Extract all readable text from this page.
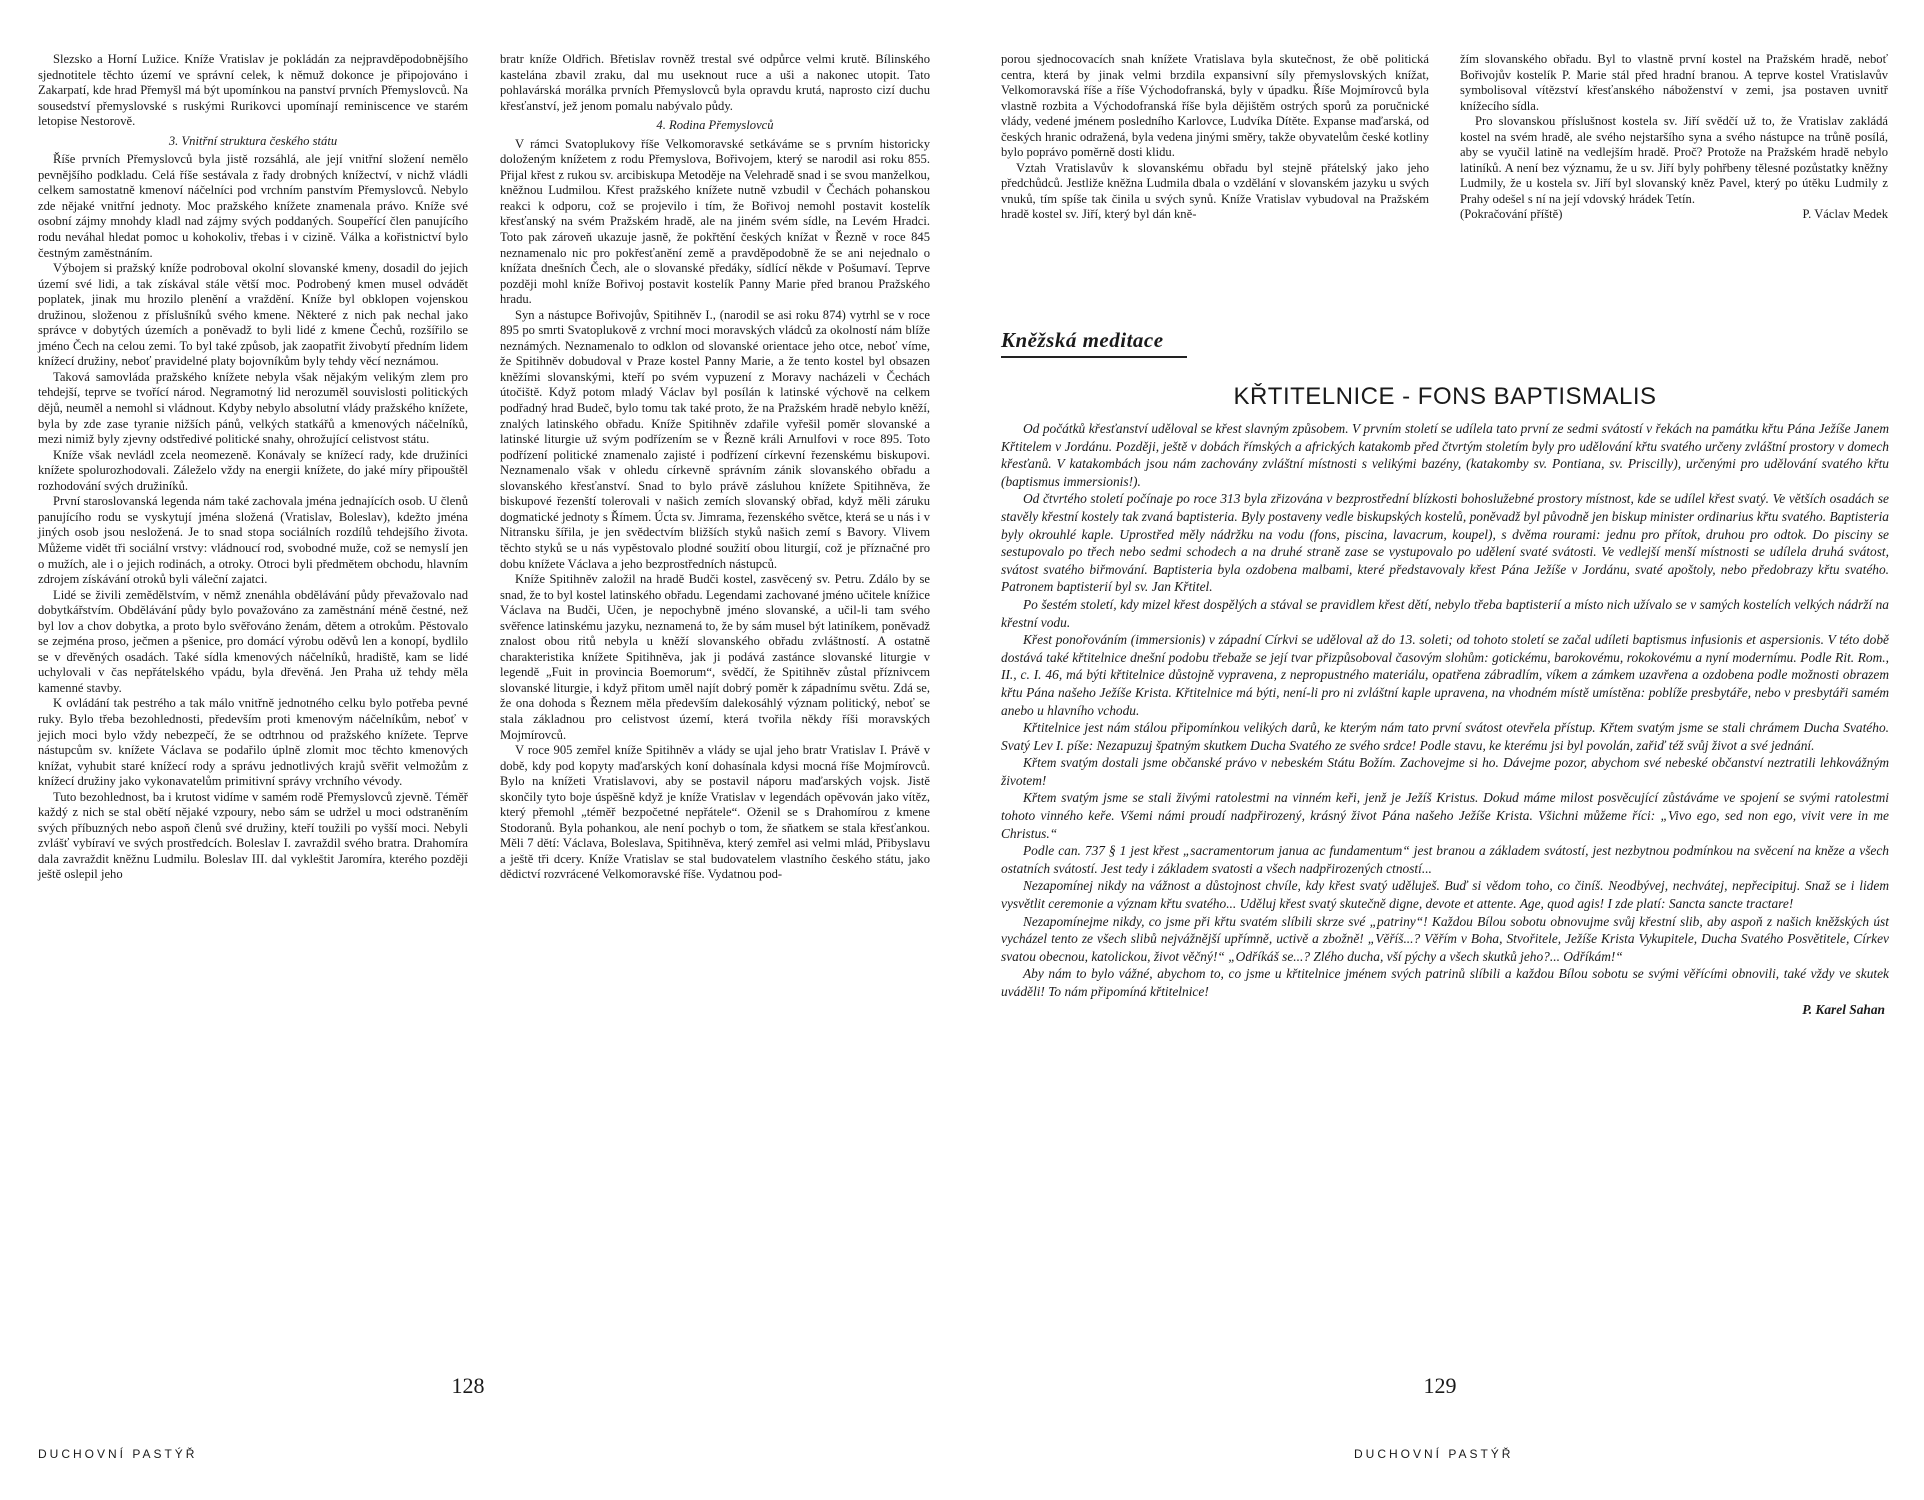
Slezsko a Horní Lužice. Kníže Vratislav je pokládán za nejpravděpodobnějšího sjednotitele těchto území ve správní celek, k němuž dokonce je připojováno i Zakarpatí, kde hrad Přemyšl má být upomínkou na panství prvních Přemyslovců. Na sousedství přemyslovské s ruskými Rurikovci upomínají reminiscence ve starém letopise Nestorově.
3. Vnitřní struktura českého státu
Říše prvních Přemyslovců byla jistě rozsáhlá, ale její vnitřní složení nemělo pevnějšího podkladu. Celá říše sestávala z řady drobných knížectví, v nichž vládli celkem samostatně kmenoví náčelníci pod vrchním panstvím Přemyslovců. Nebylo zde nějaké vnitřní jednoty. Moc pražského knížete znamenala právo. Kníže své osobní zájmy mnohdy kladl nad zájmy svých poddaných. Soupeřící člen panujícího rodu neváhal hledat pomoc u kohokoliv, třebas i v cizině. Válka a kořistnictví bylo čestným zaměstnáním.
Výbojem si pražský kníže podroboval okolní slovanské kmeny, dosadil do jejich území své lidi, a tak získával stále větší moc. Podrobený kmen musel odvádět poplatek, jinak mu hrozilo plenění a vraždění. Kníže byl obklopen vojenskou družinou, složenou z příslušníků svého kmene. Některé z nich pak nechal jako správce v dobytých územích a poněvadž to byli lidé z kmene Čechů, rozšířilo se jméno Čech na celou zemi. To byl také způsob, jak zaopatřit živobytí předním lidem knížecí družiny, neboť pravidelné platy bojovníkům byly tehdy věcí neznámou.
Taková samovláda pražského knížete nebyla však nějakým velikým zlem pro tehdejší, teprve se tvořící národ. Negramotný lid nerozuměl souvislosti politických dějů, neuměl a nemohl si vládnout. Kdyby nebylo absolutní vlády pražského knížete, byla by zde zase tyranie nižších pánů, velkých statkářů a kmenových náčelníků, mezi nimiž byly zjevny odstředivé politické snahy, ohrožující celistvost státu.
Kníže však nevládl zcela neomezeně. Konávaly se knížecí rady, kde družiníci knížete spolurozhodovali. Záleželo vždy na energii knížete, do jaké míry připouštěl rozhodování svých družiníků.
První staroslovanská legenda nám také zachovala jména jednajících osob. U členů panujícího rodu se vyskytují jména složená (Vratislav, Boleslav), kdežto jména jiných osob jsou nesložená. Je to snad stopa sociálních rozdílů tehdejšího života. Můžeme vidět tři sociální vrstvy: vládnoucí rod, svobodné muže, což se nemyslí jen o mužích, ale i o jejich rodinách, a otroky. Otroci byli předmětem obchodu, hlavním zdrojem získávání otroků byli váleční zajatci.
Lidé se živili zemědělstvím, v němž znenáhla obdělávání půdy převažovalo nad dobytkářstvím. Obdělávání půdy bylo považováno za zaměstnání méně čestné, než byl lov a chov dobytka, a proto bylo svěřováno ženám, dětem a otrokům. Pěstovalo se zejména proso, ječmen a pšenice, pro domácí výrobu oděvů len a konopí, bydlilo se v dřevěných osadách. Také sídla kmenových náčelníků, hradiště, kam se lidé uchylovali v čas nepřátelského vpádu, byla dřevěná. Jen Praha už tehdy měla kamenné stavby.
K ovládání tak pestrého a tak málo vnitřně jednotného celku bylo potřeba pevné ruky. Bylo třeba bezohlednosti, především proti kmenovým náčelníkům, neboť v jejich moci bylo vždy nebezpečí, že se odtrhnou od pražského knížete. Teprve nástupcům sv. knížete Václava se podařilo úplně zlomit moc těchto kmenových knížat, vyhubit staré knížecí rody a správu jednotlivých krajů svěřit velmožům z knížecí družiny jako vykonavatelům primitivní správy vrchního vévody.
Tuto bezohlednost, ba i krutost vidíme v samém rodě Přemyslovců zjevně. Téměř každý z nich se stal obětí nějaké vzpoury, nebo sám se udržel u moci odstraněním svých příbuzných nebo aspoň členů své družiny, kteří toužili po vyšší moci. Nebyli zvlášť vybíraví ve svých prostředcích. Boleslav I. zavraždil svého bratra. Drahomíra dala zavraždit kněžnu Ludmilu. Boleslav III. dal vykleštit Jaromíra, kterého později ještě oslepil jeho
bratr kníže Oldřich. Břetislav rovněž trestal své odpůrce velmi krutě. Bílinského kastelána zbavil zraku, dal mu useknout ruce a uši a nakonec utopit. Tato pohlavárská morálka prvních Přemyslovců byla opravdu krutá, naprosto cizí duchu křesťanství, jež jenom pomalu nabývalo půdy.
4. Rodina Přemyslovců
V rámci Svatoplukovy říše Velkomoravské setkáváme se s prvním historicky doloženým knížetem z rodu Přemyslova, Bořivojem, který se narodil asi roku 855. Přijal křest z rukou sv. arcibiskupa Metoděje na Velehradě snad i se svou manželkou, kněžnou Ludmilou. Křest pražského knížete nutně vzbudil v Čechách pohanskou reakci k odporu, což se projevilo i tím, že Bořivoj nemohl postavit kostelík křesťanský na svém Pražském hradě, ale na jiném svém sídle, na Levém Hradci. Toto pak zároveň ukazuje jasně, že pokřtění českých knížat v Řezně v roce 845 neznamenalo nic pro pokřesťanění země a pravděpodobně že se ani nejednalo o knížata dnešních Čech, ale o slovanské předáky, sídlící někde v Pošumaví. Teprve později mohl kníže Bořivoj postavit kostelík Panny Marie před branou Pražského hradu.
Syn a nástupce Bořivojův, Spitihněv I., (narodil se asi roku 874) vytrhl se v roce 895 po smrti Svatoplukově z vrchní moci moravských vládců za okolností nám blíže neznámých. Neznamenalo to odklon od slovanské orientace jeho otce, neboť víme, že Spitihněv dobudoval v Praze kostel Panny Marie, a že tento kostel byl obsazen kněžími slovanskými, kteří po svém vypuzení z Moravy nacházeli v Čechách útočiště. Když potom mladý Václav byl posílán k latinské výchově na celkem podřadný hrad Budeč, bylo tomu tak také proto, že na Pražském hradě nebylo kněží, znalých latinského obřadu. Kníže Spitihněv zdařile vyřešil poměr slovanské a latinské liturgie už svým podřízením se v Řezně králi Arnulfovi v roce 895. Toto podřízení politické znamenalo zajisté i podřízení církevní řezenskému biskupovi. Neznamenalo však v ohledu církevně správním zánik slovanského obřadu a slovanského křesťanství. Snad to bylo právě zásluhou knížete Spitihněva, že biskupové řezenští tolerovali v našich zemích slovanský obřad, když měli záruku dogmatické jednoty s Římem. Úcta sv. Jimrama, řezenského světce, která se u nás i v Nitransku šířila, je jen svědectvím bližších styků našich zemí s Bavory. Vlivem těchto styků se u nás vypěstovalo plodné soužití obou liturgií, což je příznačné pro dobu knížete Václava a jeho bezprostředních nástupců.
Kníže Spitihněv založil na hradě Budči kostel, zasvěcený sv. Petru. Zdálo by se snad, že to byl kostel latinského obřadu. Legendami zachované jméno učitele knížice Václava na Budči, Učen, je nepochybně jméno slovanské, a učil-li tam svého svěřence latinskému jazyku, neznamená to, že by sám musel být latiníkem, poněvadž znalost obou ritů nebyla u kněží slovanského obřadu zvláštností. A ostatně charakteristika knížete Spitihněva, jak ji podává zastánce slovanské liturgie v legendě „Fuit in provincia Boemorum“, svědčí, že Spitihněv zůstal příznivcem slovanské liturgie, i když přitom uměl najít dobrý poměr k západnímu světu. Zdá se, že ona dohoda s Řeznem měla především dalekosáhlý význam politický, neboť se stala základnou pro celistvost území, která tvořila někdy říši moravských Mojmírovců.
V roce 905 zemřel kníže Spitihněv a vlády se ujal jeho bratr Vratislav I. Právě v době, kdy pod kopyty maďarských koní dohasínala kdysi mocná říše Mojmírovců. Bylo na knížeti Vratislavovi, aby se postavil náporu maďarských vojsk. Jistě skončily tyto boje úspěšně když je kníže Vratislav v legendách opěvován jako vítěz, který přemohl „téměř bezpočetné nepřátele“. Oženil se s Drahomírou z kmene Stodoranů. Byla pohankou, ale není pochyb o tom, že sňatkem se stala křesťankou. Měli 7 dětí: Václava, Boleslava, Spitihněva, který zemřel asi velmi mlád, Přibyslavu a ještě tři dcery. Kníže Vratislav se stal budovatelem vlastního českého státu, jako dědictví rozvrácené Velkomoravské říše. Vydatnou pod-
128
DUCHOVNÍ PASTÝŘ
porou sjednocovacích snah knížete Vratislava byla skutečnost, že obě politická centra, která by jinak velmi brzdila expansivní síly přemyslovských knížat, Velkomoravská říše a říše Východofranská, byly v úpadku. Říše Mojmírovců byla vlastně rozbita a Východofranská říše byla dějištěm ostrých sporů za poručnické vlády, vedené jménem posledního Karlovce, Ludvíka Dítěte. Expanse maďarská, od českých hranic odražená, byla vedena jinými směry, takže obyvatelům české kotliny bylo poprávo poměrně dosti klidu.
Vztah Vratislavův k slovanskému obřadu byl stejně přátelský jako jeho předchůdců. Jestliže kněžna Ludmila dbala o vzdělání v slovanském jazyku u svých vnuků, tím spíše tak činila u svých synů. Kníže Vratislav vybudoval na Pražském hradě kostel sv. Jiří, který byl dán kně-
žím slovanského obřadu. Byl to vlastně první kostel na Pražském hradě, neboť Bořivojův kostelík P. Marie stál před hradní branou. A teprve kostel Vratislavův symbolisoval vítězství křesťanského náboženství v zemi, jsa postaven uvnitř knížecího sídla.
Pro slovanskou příslušnost kostela sv. Jiří svědčí už to, že Vratislav zakládá kostel na svém hradě, ale svého nejstaršího syna a svého nástupce na trůně posílá, aby se vyučil latině na vedlejším hradě. Proč? Protože na Pražském hradě nebylo latiníků. A není bez významu, že u sv. Jiří byly pohřbeny tělesné pozůstatky kněžny Ludmily, že u kostela sv. Jiří byl slovanský kněz Pavel, který po útěku Ludmily z Prahy odešel s ní na její vdovský hrádek Tetín.
(Pokračování příště)	P. Václav Medek
Kněžská meditace
KŘTITELNICE - FONS BAPTISMALIS
Od počátků křesťanství uděloval se křest slavným způsobem. V prvním století se udílela tato první ze sedmi svátostí v řekách na památku křtu Pána Ježíše Janem Křtitelem v Jordánu. Později, ještě v dobách římských a afrických katakomb před čtvrtým stoletím byly pro udělování křtu svatého určeny zvláštní prostory v domech křesťanů. V katakombách jsou nám zachovány zvláštní místnosti s velikými bazény, (katakomby sv. Pontiana, sv. Priscilly), určenými pro udělování svatého křtu (baptismus immersionis!).
Od čtvrtého století počínaje po roce 313 byla zřizována v bezprostřední blízkosti bohoslužebné prostory místnost, kde se udílel křest svatý. Ve větších osadách se stavěly křestní kostely tak zvaná baptisteria. Byly postaveny vedle biskupských kostelů, poněvadž byl původně jen biskup minister ordinarius křtu svatého. Baptisteria byly okrouhlé kaple. Uprostřed měly nádržku na vodu (fons, piscina, lavacrum, koupel), s dvěma rourami: jednu pro přítok, druhou pro odtok. Do piscinу se sestupovalo po třech nebo sedmi schodech a na druhé straně zase se vystupovalo po udělení svaté svátosti. Ve vedlejší menší místnosti se udílela druhá svátost, svátost svatého biřmování. Baptisteria byla ozdobena malbami, které představovaly křest Pána Ježíše v Jordánu, svaté apoštoly, nebo předobrazy křtu svatého. Patronem baptisterií byl sv. Jan Křtitel.
Po šestém století, kdy mizel křest dospělých a stával se pravidlem křest dětí, nebylo třeba baptisterií a místo nich užívalo se v samých kostelích velkých nádrží na křestní vodu.
Křest ponořováním (immersionis) v západní Církvi se uděloval až do 13. soleti; od tohoto století se začal udíleti baptismus infusionis et aspersionis. V této době dostává také křtitelnice dnešní podobu třebaže se její tvar přizpůsoboval časovým slohům: gotickému, barokovému, rokokovému a nyní modernímu. Podle Rit. Rom., II., c. I. 46, má býti křtitelnice důstojně vypravena, z nepropustného materiálu, opatřena zábradlím, víkem a zámkem uzavřena a ozdobena podle možnosti obrazem křtu Pána našeho Ježíše Krista. Křtitelnice má býti, není-li pro ni zvláštní kaple upravena, na vhodném místě umístěna: poblíže presbytáře, nebo v presbytáři samém anebo u hlavního vchodu.
Křtitelnice jest nám stálou připomínkou velikých darů, ke kterým nám tato první svátost otevřela přístup. Křtem svatým jsme se stali chrámem Ducha Svatého. Svatý Lev I. píše: Nezapuzuj špatným skutkem Ducha Svatého ze svého srdce! Podle stavu, ke kterému jsi byl povolán, zařiď též svůj život a své jednání.
Křtem svatým dostali jsme občanské právo v nebeském Státu Božím. Zachovejme si ho. Dávejme pozor, abychom své nebeské občanství neztratili lehkovážným životem!
Křtem svatým jsme se stali živými ratolestmi na vinném keři, jenž je Ježíš Kristus. Dokud máme milost posvěcující zůstáváme ve spojení se svými ratolestmi tohoto vinného keře. Všemi námi proudí nadpřirozený, krásný život Pána našeho Ježíše Krista. Všichni můžeme říci: „Vivo ego, sed non ego, vivit vere in me Christus.“
Podle can. 737 § 1 jest křest „sacramentorum janua ac fundamentum“ jest branou a základem svátostí, jest nezbytnou podmínkou na svěcení na kněze a všech ostatních svátostí. Jest tedy i základem svatosti a všech nadpřirozených ctností...
Nezapomínej nikdy na vážnost a důstojnost chvíle, kdy křest svatý uděluješ. Buď si vědom toho, co činíš. Neodbývej, nechvátej, nepřecipituj. Snaž se i lidem vysvětlit ceremonie a význam křtu svatého... Uděluj křest svatý skutečně digne, devote et attente. Age, quod agis! I zde platí: Sancta sancte tractare!
Nezapomínejme nikdy, co jsme při křtu svatém slíbili skrze své „patriny“! Každou Bílou sobotu obnovujme svůj křestní slib, aby aspoň z našich kněžských úst vycházel tento ze všech slibů nejvážnější upřímně, uctivě a zbožně! „Věříš...? Věřím v Boha, Stvořitele, Ježíše Krista Vykupitele, Ducha Svatého Posvětitele, Církev svatou obecnou, katolickou, život věčný!“ „Odříkáš se...? Zlého ducha, vší pýchy a všech skutků jeho?... Odříkám!“
Aby nám to bylo vážné, abychom to, co jsme u křtitelnice jménem svých patrinů slíbili a každou Bílou sobotu se svými věřícími obnovili, také vždy ve skutek uváděli! To nám připomíná křtitelnice!
P. Karel Sahan
129
DUCHOVNÍ PASTÝŘ
